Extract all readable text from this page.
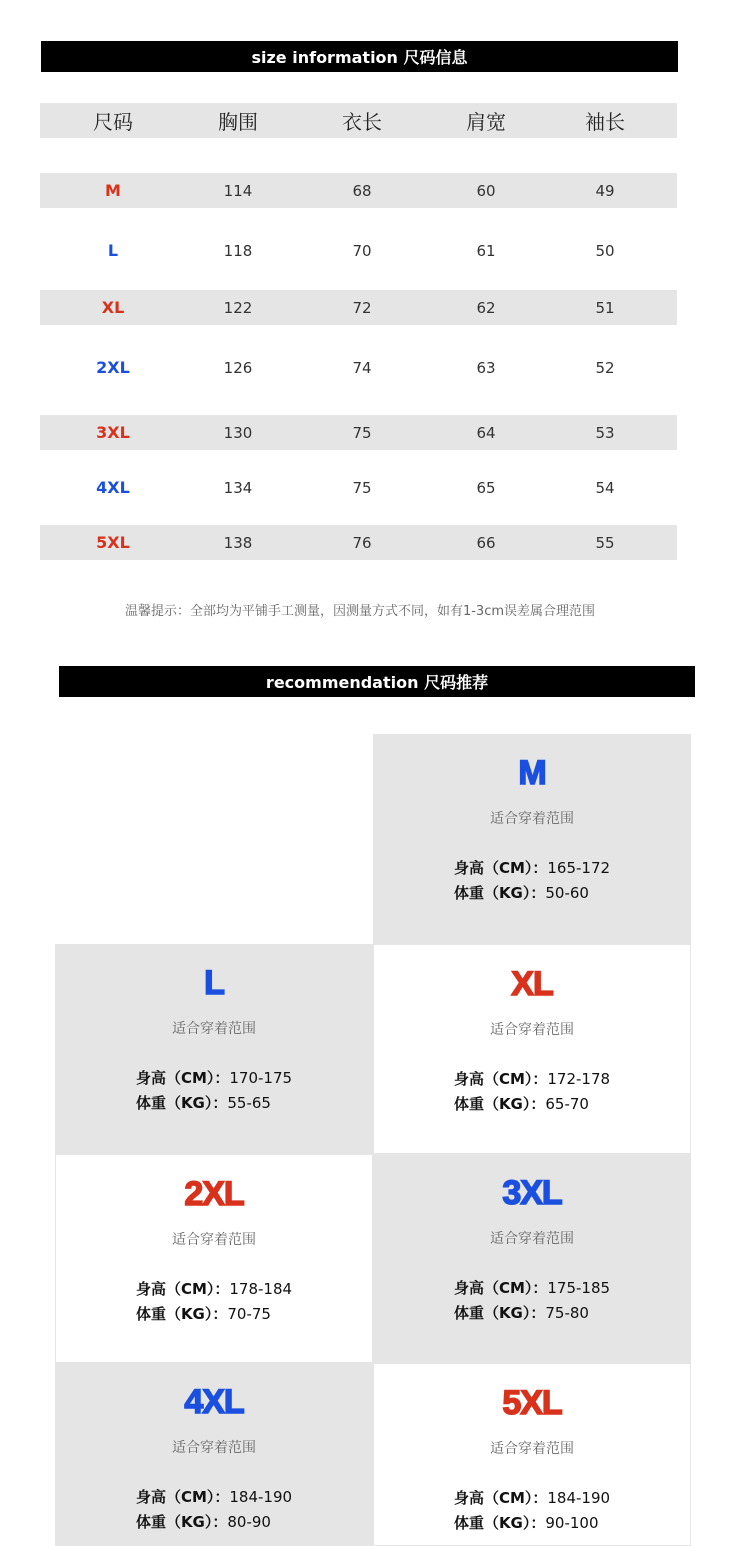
size information 尺码信息
尺码	胸围	衣长	肩宽	袖长
M	114	68	60	49
L	118	70	61	50
XL	122	72	62	51
2XL	126	74	63	52
3XL	130	75	64	53
4XL	134	75	65	54
5XL	138	76	66	55
温馨提示：全部均为平铺手工测量，因测量方式不同，如有1-3cm误差属合理范围
recommendation 尺码推荐
M
适合穿着范围
身高（CM）：165-172
体重（KG）：50-60
L
适合穿着范围
身高（CM）：170-175
体重（KG）：55-65
XL
适合穿着范围
身高（CM）：172-178
体重（KG）：65-70
2XL
适合穿着范围
身高（CM）：178-184
体重（KG）：70-75
3XL
适合穿着范围
身高（CM）：175-185
体重（KG）：75-80
4XL
适合穿着范围
身高（CM）：184-190
体重（KG）：80-90
5XL
适合穿着范围
身高（CM）：184-190
体重（KG）：90-100
